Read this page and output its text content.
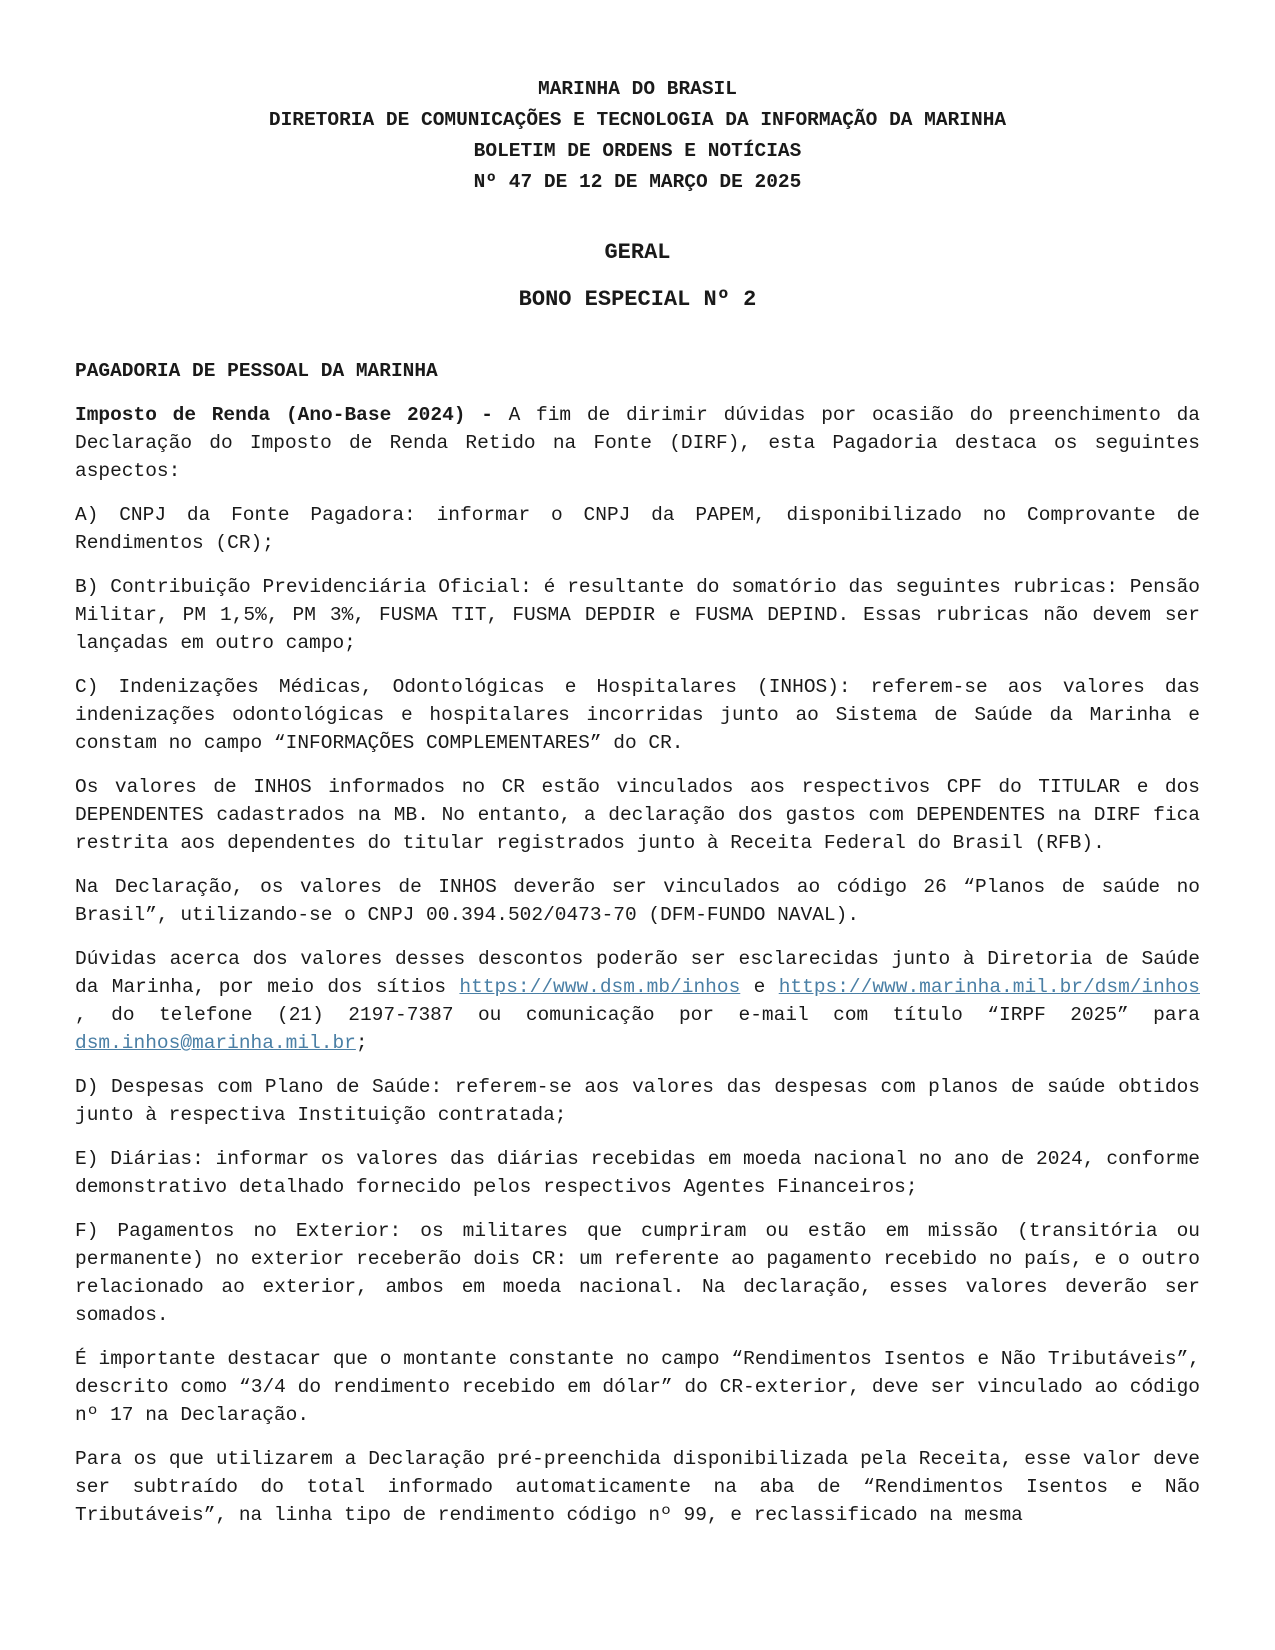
MARINHA DO BRASIL

DIRETORIA DE COMUNICAÇÕES E TECNOLOGIA DA INFORMAÇÃO DA MARINHA

BOLETIM DE ORDENS E NOTÍCIAS

Nº 47 DE 12 DE MARÇO DE 2025

GERAL

BONO ESPECIAL Nº 2

PAGADORIA DE PESSOAL DA MARINHA

Imposto de Renda (Ano-Base 2024) - A fim de dirimir dúvidas por ocasião do preenchimento da Declaração do Imposto de Renda Retido na Fonte (DIRF), esta Pagadoria destaca os seguintes aspectos:

A) CNPJ da Fonte Pagadora: informar o CNPJ da PAPEM, disponibilizado no Comprovante de Rendimentos (CR);

B) Contribuição Previdenciária Oficial: é resultante do somatório das seguintes rubricas: Pensão Militar, PM 1,5%, PM 3%, FUSMA TIT, FUSMA DEPDIR e FUSMA DEPIND. Essas rubricas não devem ser lançadas em outro campo;

C) Indenizações Médicas, Odontológicas e Hospitalares (INHOS): referem-se aos valores das indenizações odontológicas e hospitalares incorridas junto ao Sistema de Saúde da Marinha e constam no campo “INFORMAÇÕES COMPLEMENTARES” do CR.

Os valores de INHOS informados no CR estão vinculados aos respectivos CPF do TITULAR e dos DEPENDENTES cadastrados na MB. No entanto, a declaração dos gastos com DEPENDENTES na DIRF fica restrita aos dependentes do titular registrados junto à Receita Federal do Brasil (RFB).

Na Declaração, os valores de INHOS deverão ser vinculados ao código 26 “Planos de saúde no Brasil”, utilizando-se o CNPJ 00.394.502/0473-70 (DFM-FUNDO NAVAL).

Dúvidas acerca dos valores desses descontos poderão ser esclarecidas junto à Diretoria de Saúde da Marinha, por meio dos sítios https://www.dsm.mb/inhos e https://www.marinha.mil.br/dsm/inhos , do telefone (21) 2197-7387 ou comunicação por e-mail com título “IRPF 2025” para dsm.inhos@marinha.mil.br;

D) Despesas com Plano de Saúde: referem-se aos valores das despesas com planos de saúde obtidos junto à respectiva Instituição contratada;

E) Diárias: informar os valores das diárias recebidas em moeda nacional no ano de 2024, conforme demonstrativo detalhado fornecido pelos respectivos Agentes Financeiros;

F) Pagamentos no Exterior: os militares que cumpriram ou estão em missão (transitória ou permanente) no exterior receberão dois CR: um referente ao pagamento recebido no país, e o outro relacionado ao exterior, ambos em moeda nacional. Na declaração, esses valores deverão ser somados.

É importante destacar que o montante constante no campo “Rendimentos Isentos e Não Tributáveis”, descrito como “3/4 do rendimento recebido em dólar” do CR-exterior, deve ser vinculado ao código nº 17 na Declaração.

Para os que utilizarem a Declaração pré-preenchida disponibilizada pela Receita, esse valor deve ser subtraído do total informado automaticamente na aba de “Rendimentos Isentos e Não Tributáveis”, na linha tipo de rendimento código nº 99, e reclassificado na mesma
